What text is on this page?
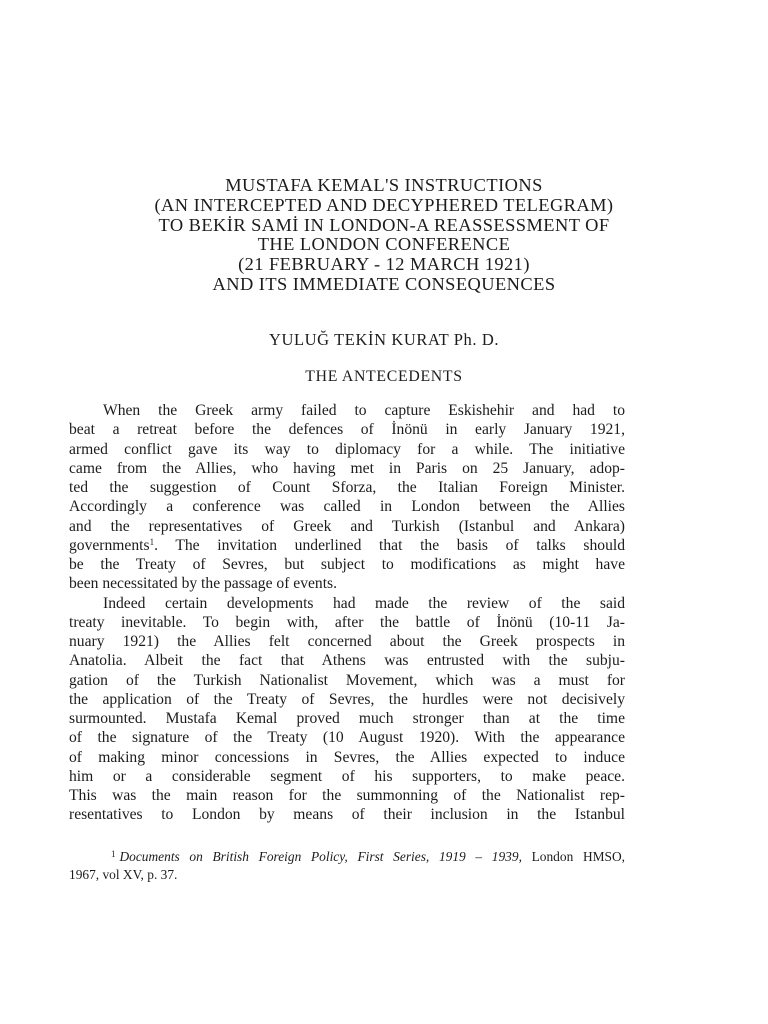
MUSTAFA KEMAL'S INSTRUCTIONS
(AN INTERCEPTED AND DECYPHERED TELEGRAM)
TO BEKİR SAMİ IN LONDON-A REASSESSMENT OF
THE LONDON CONFERENCE
(21 FEBRUARY - 12 MARCH 1921)
AND ITS IMMEDIATE CONSEQUENCES
YULUĞ TEKİN KURAT Ph. D.
THE ANTECEDENTS
When the Greek army failed to capture Eskishehir and had to
beat a retreat before the defences of İnönü in early January 1921,
armed conflict gave its way to diplomacy for a while. The initiative
came from the Allies, who having met in Paris on 25 January, adop-
ted the suggestion of Count Sforza, the Italian Foreign Minister.
Accordingly a conference was called in London between the Allies
and the representatives of Greek and Turkish (Istanbul and Ankara)
governments$^1$. The invitation underlined that the basis of talks should
be the Treaty of Sevres, but subject to modifications as might have
been necessitated by the passage of events.
Indeed certain developments had made the review of the said
treaty inevitable. To begin with, after the battle of İnönü (10-11 Ja-
nuary 1921) the Allies felt concerned about the Greek prospects in
Anatolia. Albeit the fact that Athens was entrusted with the subju-
gation of the Turkish Nationalist Movement, which was a must for
the application of the Treaty of Sevres, the hurdles were not decisively
surmounted. Mustafa Kemal proved much stronger than at the time
of the signature of the Treaty (10 August 1920). With the appearance
of making minor concessions in Sevres, the Allies expected to induce
him or a considerable segment of his supporters, to make peace.
This was the main reason for the summonning of the Nationalist rep-
resentatives to London by means of their inclusion in the Istanbul
$^1$ Documents on British Foreign Policy, First Series, 1919 – 1939, London HMSO,
1967, vol XV, p. 37.
